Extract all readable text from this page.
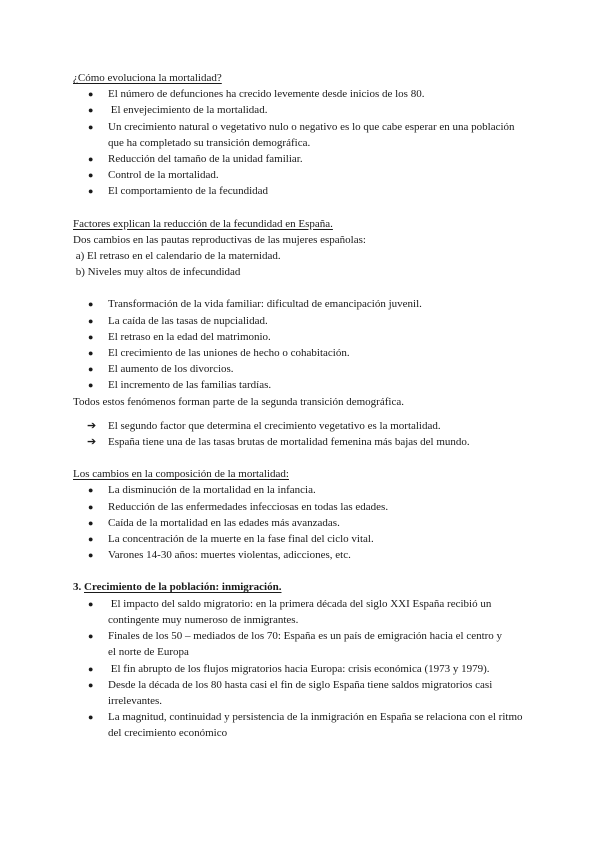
¿Cómo evoluciona la mortalidad?
● El número de defunciones ha crecido levemente desde inicios de los 80.
● El envejecimiento de la mortalidad.
● Un crecimiento natural o vegetativo nulo o negativo es lo que cabe esperar en una población que ha completado su transición demográfica.
● Reducción del tamaño de la unidad familiar.
● Control de la mortalidad.
● El comportamiento de la fecundidad
Factores explican la reducción de la fecundidad en España.
Dos cambios en las pautas reproductivas de las mujeres españolas:
a) El retraso en el calendario de la maternidad.
b) Niveles muy altos de infecundidad
● Transformación de la vida familiar: dificultad de emancipación juvenil.
● La caída de las tasas de nupcialidad.
● El retraso en la edad del matrimonio.
● El crecimiento de las uniones de hecho o cohabitación.
● El aumento de los divorcios.
● El incremento de las familias tardías.
Todos estos fenómenos forman parte de la segunda transición demográfica.
➔ El segundo factor que determina el crecimiento vegetativo es la mortalidad.
➔ España tiene una de las tasas brutas de mortalidad femenina más bajas del mundo.
Los cambios en la composición de la mortalidad:
● La disminución de la mortalidad en la infancia.
● Reducción de las enfermedades infecciosas en todas las edades.
● Caída de la mortalidad en las edades más avanzadas.
● La concentración de la muerte en la fase final del ciclo vital.
● Varones 14-30 años: muertes violentas, adicciones, etc.
3. Crecimiento de la población: inmigración.
● El impacto del saldo migratorio: en la primera década del siglo XXI España recibió un contingente muy numeroso de inmigrantes.
● Finales de los 50 – mediados de los 70: España es un país de emigración hacia el centro y el norte de Europa
● El fin abrupto de los flujos migratorios hacia Europa: crisis económica (1973 y 1979).
● Desde la década de los 80 hasta casi el fin de siglo España tiene saldos migratorios casi irrelevantes.
● La magnitud, continuidad y persistencia de la inmigración en España se relaciona con el ritmo del crecimiento económico
